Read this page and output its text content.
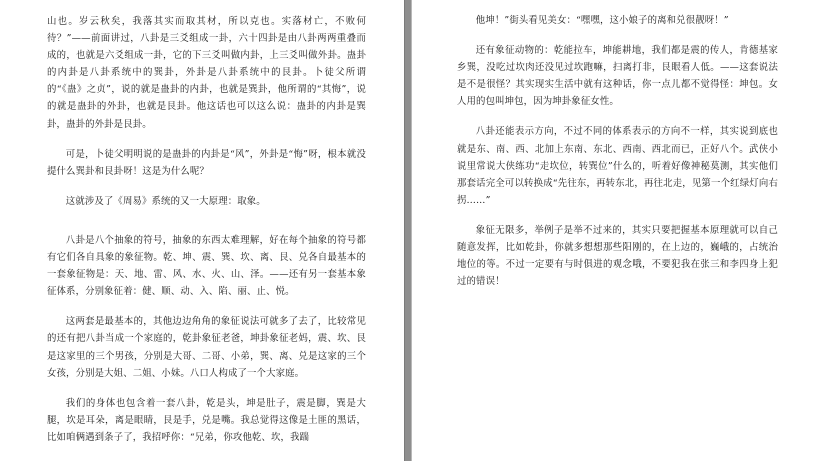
山也。岁云秋矣，我落其实而取其材，所以克也。实落材亡，不败何待？”——前面讲过，八卦是三爻组成一卦，六十四卦是由八卦两两重叠而成的，也就是六爻组成一卦，它的下三爻叫做内卦，上三爻叫做外卦。蛊卦的内卦是八卦系统中的巽卦，外卦是八卦系统中的艮卦。卜徒父所谓的“《蛊》之贞”，说的就是蛊卦的内卦，也就是巽卦，他所谓的“其悔”，说的就是蛊卦的外卦，也就是艮卦。他这话也可以这么说：蛊卦的内卦是巽卦，蛊卦的外卦是艮卦。

可是，卜徒父明明说的是蛊卦的内卦是“风”，外卦是“悔”呀，根本就没提什么巽卦和艮卦呀！这是为什么呢？

这就涉及了《周易》系统的又一大原理：取象。

八卦是八个抽象的符号，抽象的东西太难理解，好在每个抽象的符号都有它们各自具象的象征物。乾、坤、震、巽、坎、离、艮、兑各自最基本的一套象征物是：天、地、雷、风、水、火、山、泽。——还有另一套基本象征体系，分别象征着：健、顺、动、入、陷、丽、止、悦。

这两套是最基本的，其他边边角角的象征说法可就多了去了，比较常见的还有把八卦当成一个家庭的，乾卦象征老爸，坤卦象征老妈，震、坎、艮是这家里的三个男孩，分别是大哥、二哥、小弟，巽、离、兑是这家的三个女孩，分别是大姐、二姐、小妹。八口人构成了一个大家庭。

我们的身体也包含着一套八卦，乾是头，坤是肚子，震是脚，巽是大腿，坎是耳朵，离是眼睛，艮是手，兑是嘴。我总觉得这像是土匪的黑话，比如咱俩遇到条子了，我招呼你：“兄弟，你攻他乾、坎，我踹

他坤！”街头看见美女：“嘿嘿，这小娘子的离和兑很靓呀！”

还有象征动物的：乾能拉车，坤能耕地，我们都是震的传人，肯德基家乡巽，没吃过坎肉还没见过坎跑嘛，扫离打非，艮眼看人低。——这套说法是不是很怪？其实现实生活中就有这种话，你一点儿都不觉得怪：坤包。女人用的包叫坤包，因为坤卦象征女性。

八卦还能表示方向，不过不同的体系表示的方向不一样，其实说到底也就是东、南、西、北加上东南、东北、西南、西北而已，正好八个。武侠小说里常说大侠练功“走坎位，转巽位”什么的，听着好像神秘莫测，其实他们那套话完全可以转换成“先往东，再转东北，再往北走，见第一个红绿灯向右拐……”

象征无限多，举例子是举不过来的，其实只要把握基本原理就可以自己随意发挥，比如乾卦，你就多想想那些阳刚的，在上边的，巍峨的，占统治地位的等。不过一定要有与时俱进的观念哦，不要犯我在张三和李四身上犯过的错误！
